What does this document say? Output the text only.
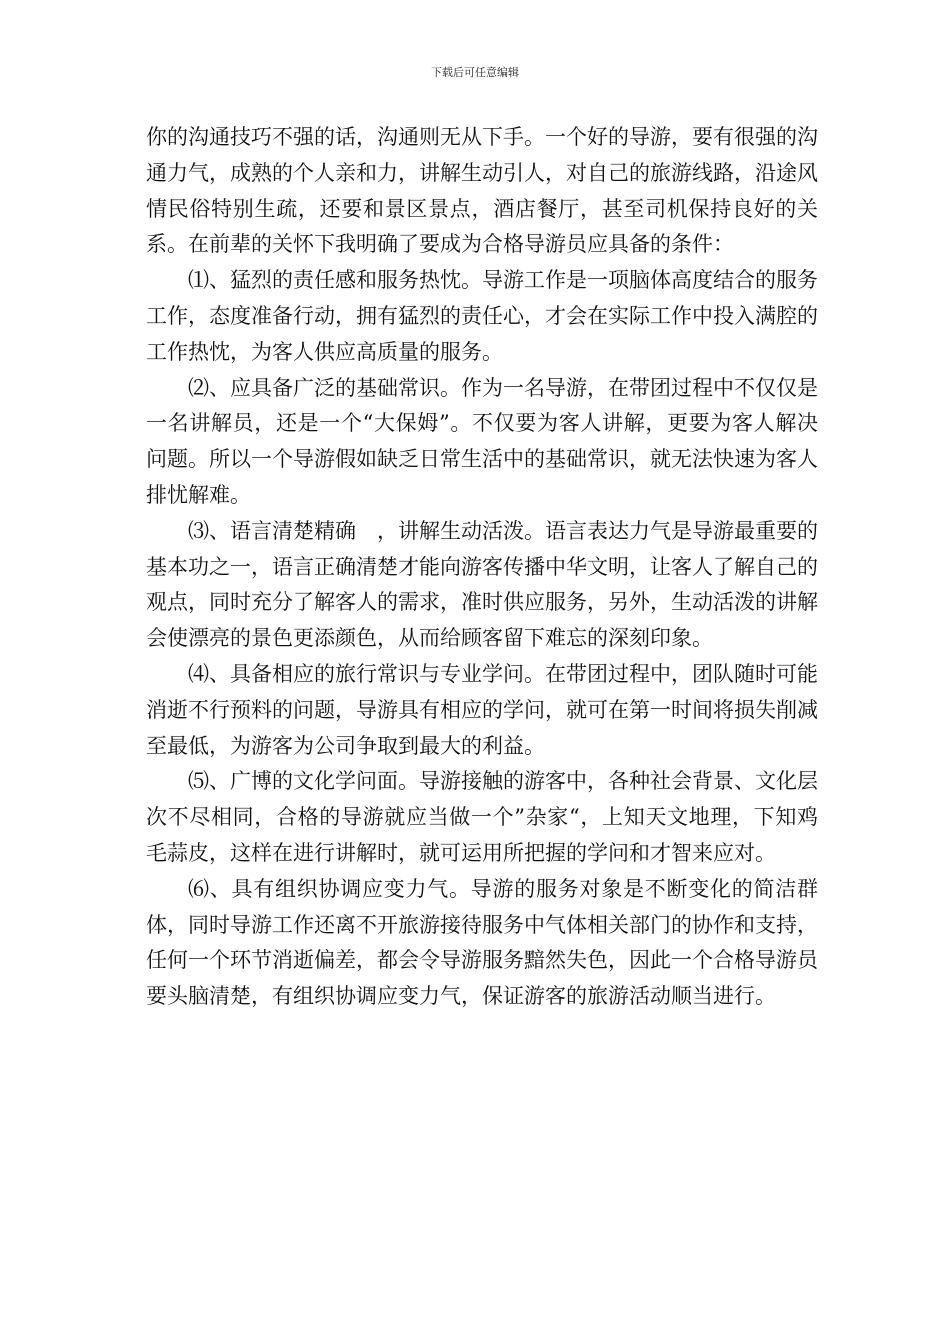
下载后可任意编辑

你的沟通技巧不强的话，沟通则无从下手。一个好的导游，要有很强的沟通力气，成熟的个人亲和力，讲解生动引人，对自己的旅游线路，沿途风情民俗特别生疏，还要和景区景点，酒店餐厅，甚至司机保持良好的关系。在前辈的关怀下我明确了要成为合格导游员应具备的条件：

⑴、猛烈的责任感和服务热忱。导游工作是一项脑体高度结合的服务工作，态度准备行动，拥有猛烈的责任心，才会在实际工作中投入满腔的工作热忱，为客人供应高质量的服务。

⑵、应具备广泛的基础常识。作为一名导游，在带团过程中不仅仅是一名讲解员，还是一个“大保姆”。不仅要为客人讲解，更要为客人解决问题。所以一个导游假如缺乏日常生活中的基础常识，就无法快速为客人排忧解难。

⑶、语言清楚精确　，讲解生动活泼。语言表达力气是导游最重要的基本功之一，语言正确清楚才能向游客传播中华文明，让客人了解自己的观点，同时充分了解客人的需求，准时供应服务，另外，生动活泼的讲解会使漂亮的景色更添颜色，从而给顾客留下难忘的深刻印象。

⑷、具备相应的旅行常识与专业学问。在带团过程中，团队随时可能消逝不行预料的问题，导游具有相应的学问，就可在第一时间将损失削减至最低，为游客为公司争取到最大的利益。

⑸、广博的文化学问面。导游接触的游客中，各种社会背景、文化层次不尽相同，合格的导游就应当做一个”杂家“，上知天文地理，下知鸡毛蒜皮，这样在进行讲解时，就可运用所把握的学问和才智来应对。

⑹、具有组织协调应变力气。导游的服务对象是不断变化的简洁群体，同时导游工作还离不开旅游接待服务中气体相关部门的协作和支持，任何一个环节消逝偏差，都会令导游服务黯然失色，因此一个合格导游员要头脑清楚，有组织协调应变力气，保证游客的旅游活动顺当进行。
